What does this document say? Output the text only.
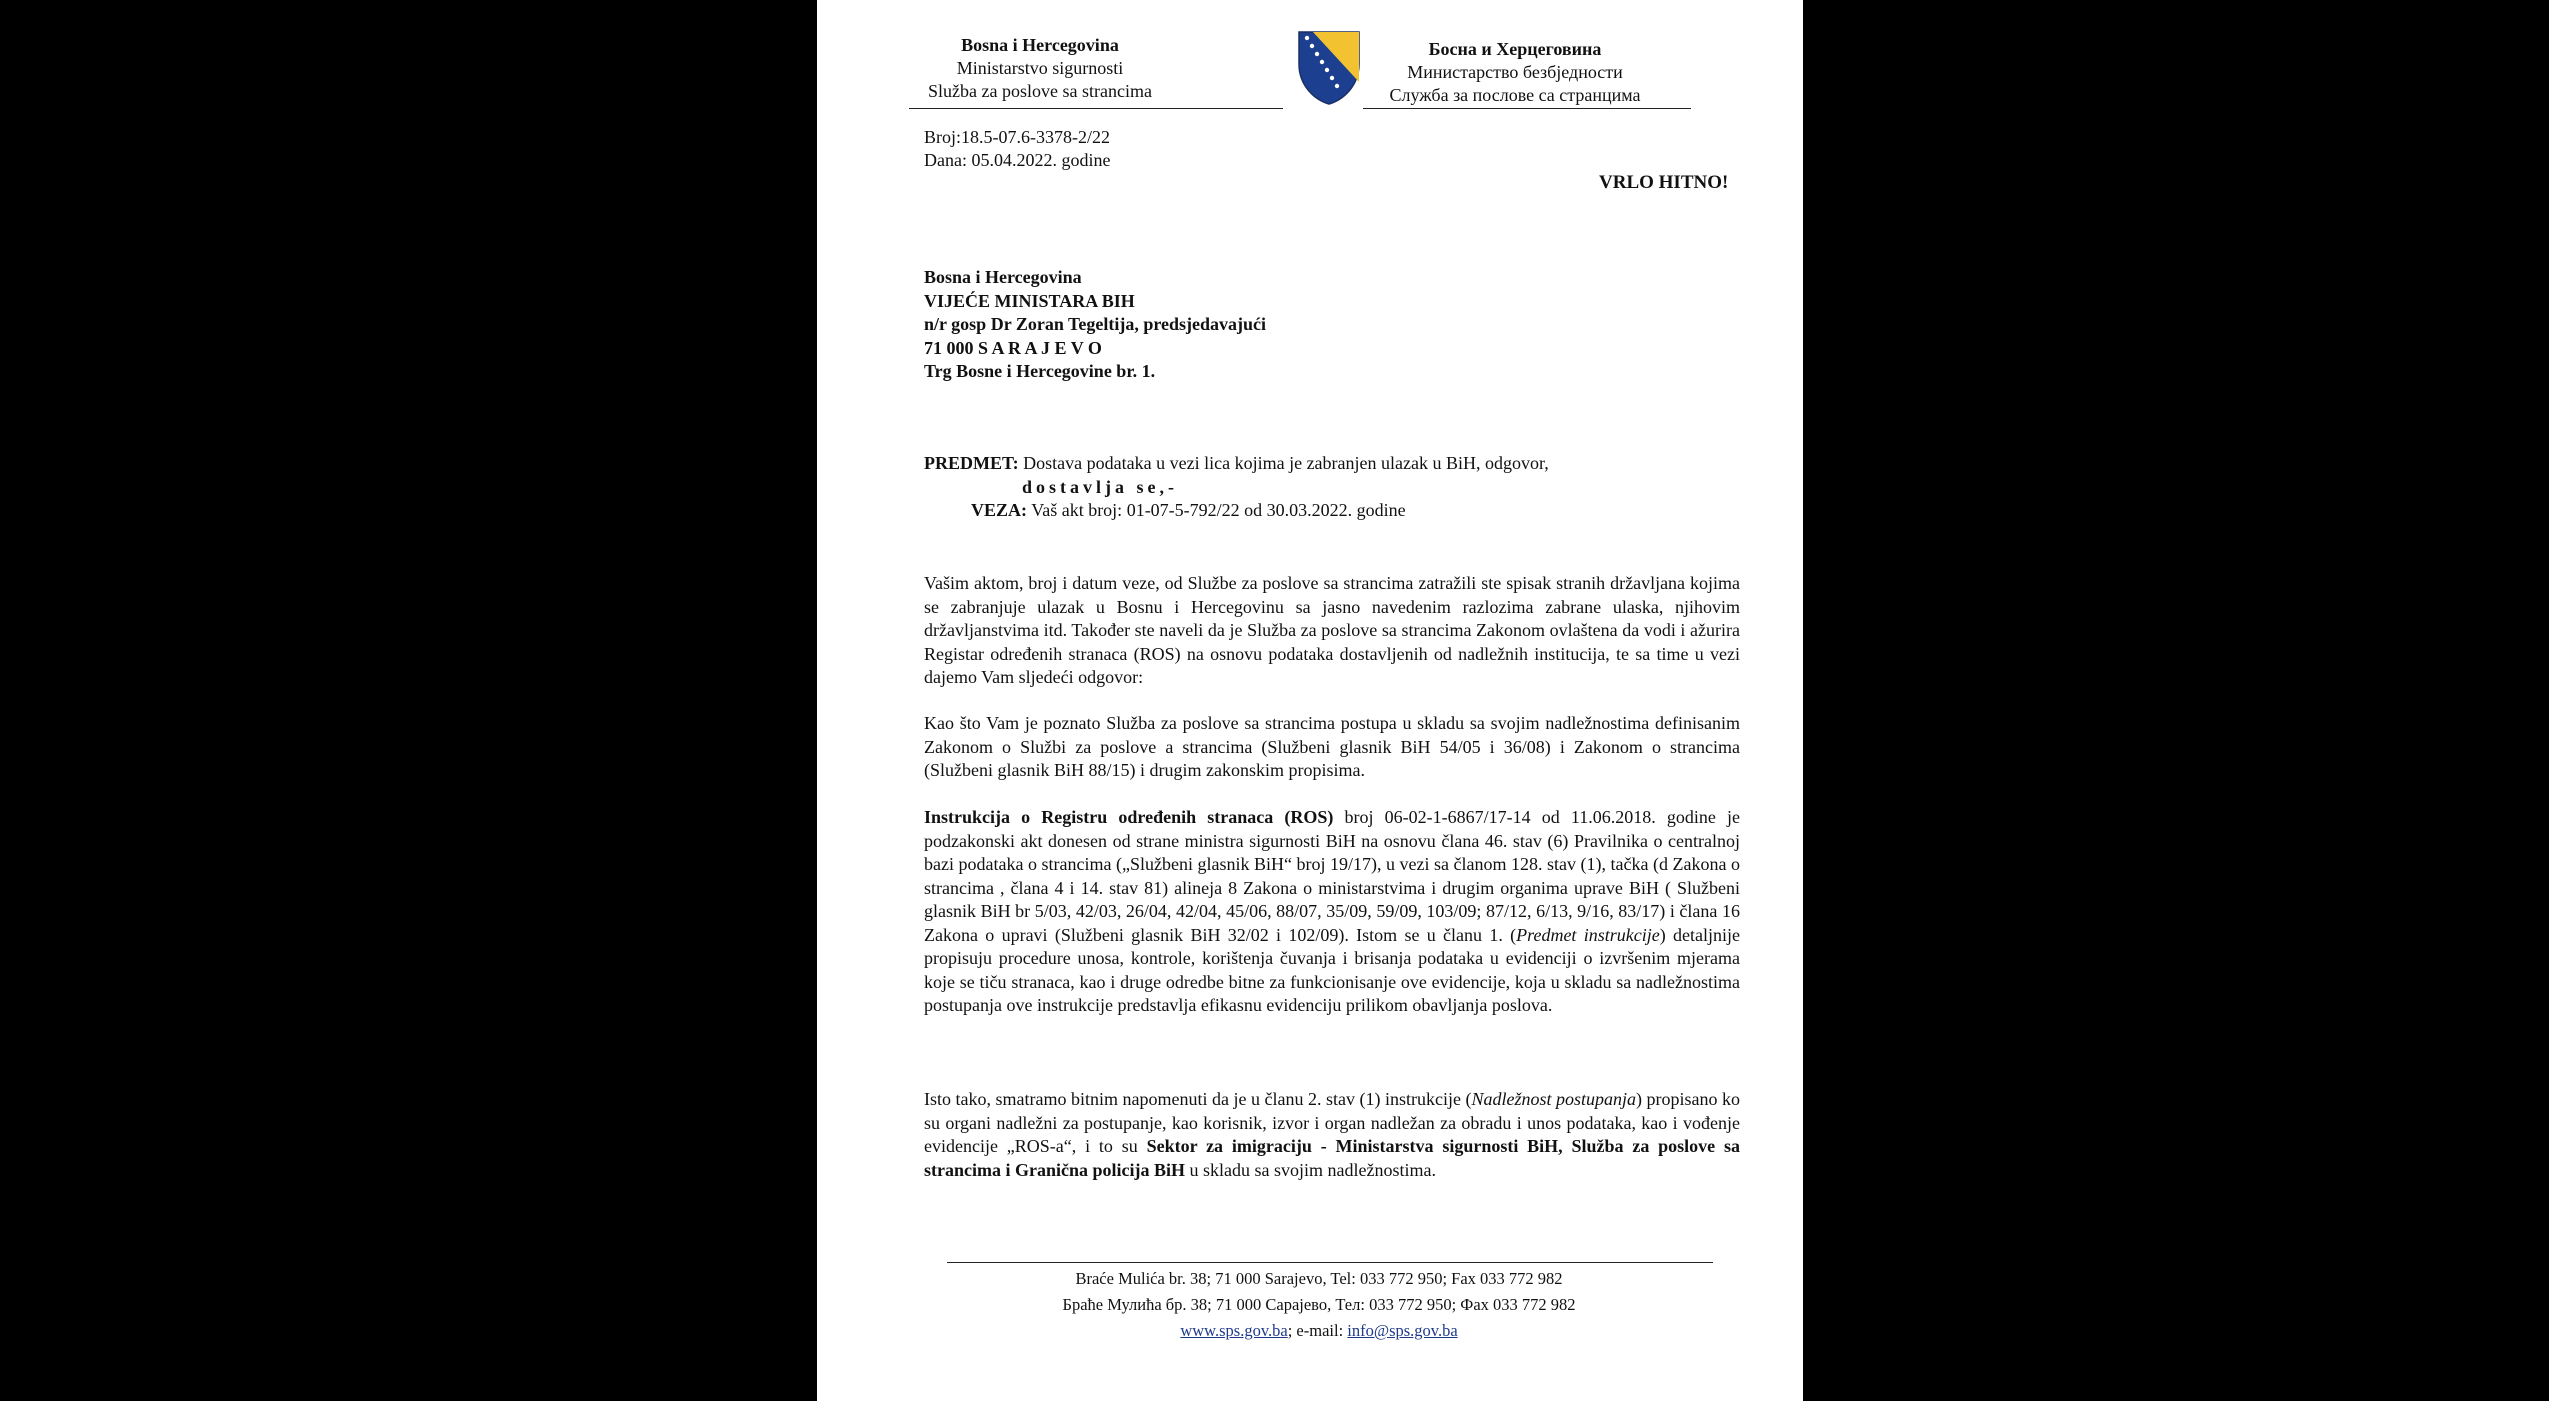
Bosna i Hercegovina
Ministarstvo sigurnosti
Služba za poslove sa strancima
Босна и Херцеговина
Министарство безбједности
Служба за послове са странцима
Broj:18.5-07.6-3378-2/22
Dana: 05.04.2022. godine
VRLO HITNO!
Bosna i Hercegovina
VIJEĆE MINISTARA BIH
n/r gosp Dr Zoran Tegeltija, predsjedavajući
71 000 S A R A J E V O
Trg Bosne i Hercegovine br. 1.
PREDMET: Dostava podataka u vezi lica kojima je zabranjen ulazak u BiH, odgovor,
dostavlja se,-
VEZA: Vaš akt broj: 01-07-5-792/22 od 30.03.2022. godine
Vašim aktom, broj i datum veze, od Službe za poslove sa strancima zatražili ste spisak stranih državljana kojima se zabranjuje ulazak u Bosnu i Hercegovinu sa jasno navedenim razlozima zabrane ulaska, njihovim državljanstvima itd. Također ste naveli da je Služba za poslove sa strancima Zakonom ovlaštena da vodi i ažurira Registar određenih stranaca (ROS) na osnovu podataka dostavljenih od nadležnih institucija, te sa time u vezi dajemo Vam sljedeći odgovor:
Kao što Vam je poznato Služba za poslove sa strancima postupa u skladu sa svojim nadležnostima definisanim Zakonom o Službi za poslove a strancima (Službeni glasnik BiH 54/05 i 36/08) i Zakonom o strancima (Službeni glasnik BiH 88/15) i drugim zakonskim propisima.
Instrukcija o Registru određenih stranaca (ROS) broj 06-02-1-6867/17-14 od 11.06.2018. godine je podzakonski akt donesen od strane ministra sigurnosti BiH na osnovu člana 46. stav (6) Pravilnika o centralnoj bazi podataka o strancima („Službeni glasnik BiH“ broj 19/17), u vezi sa članom 128. stav (1), tačka (d Zakona o strancima , člana 4 i 14. stav 81) alineja 8 Zakona o ministarstvima i drugim organima uprave BiH ( Službeni glasnik BiH br 5/03, 42/03, 26/04, 42/04, 45/06, 88/07, 35/09, 59/09, 103/09; 87/12, 6/13, 9/16, 83/17) i člana 16 Zakona o upravi (Službeni glasnik BiH 32/02 i 102/09). Istom se u članu 1. (Predmet instrukcije) detaljnije propisuju procedure unosa, kontrole, korištenja čuvanja i brisanja podataka u evidenciji o izvršenim mjerama koje se tiču stranaca, kao i druge odredbe bitne za funkcionisanje ove evidencije, koja u skladu sa nadležnostima postupanja ove instrukcije predstavlja efikasnu evidenciju prilikom obavljanja poslova.
Isto tako, smatramo bitnim napomenuti da je u članu 2. stav (1) instrukcije (Nadležnost postupanja) propisano ko su organi nadležni za postupanje, kao korisnik, izvor i organ nadležan za obradu i unos podataka, kao i vođenje evidencije „ROS-a“, i to su Sektor za imigraciju - Ministarstva sigurnosti BiH, Služba za poslove sa strancima i Granična policija BiH u skladu sa svojim nadležnostima.
Braće Mulića br. 38; 71 000 Sarajevo, Tel: 033 772 950; Fax 033 772 982
Браће Мулића бр. 38; 71 000 Сарајево, Тел: 033 772 950; Фах 033 772 982
www.sps.gov.ba; e-mail: info@sps.gov.ba
